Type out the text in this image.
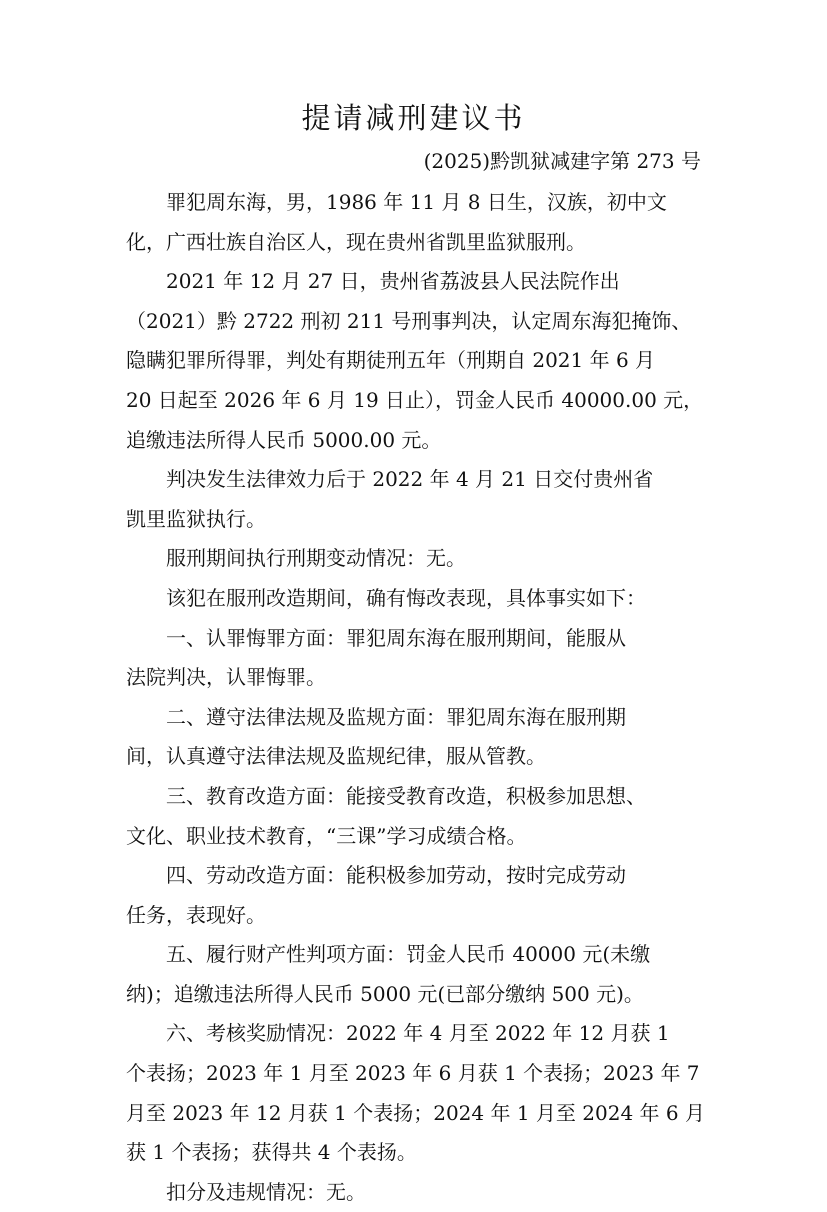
提请减刑建议书
(2025)黔凯狱减建字第 273 号

罪犯周东海，男，1986 年 11 月 8 日生，汉族，初中文
化，广西壮族自治区人，现在贵州省凯里监狱服刑。

2021 年 12 月 27 日，贵州省荔波县人民法院作出
（2021）黔 2722 刑初 211 号刑事判决，认定周东海犯掩饰、
隐瞒犯罪所得罪，判处有期徒刑五年（刑期自 2021 年 6 月
20 日起至 2026 年 6 月 19 日止），罚金人民币 40000.00 元，
追缴违法所得人民币 5000.00 元。

判决发生法律效力后于 2022 年 4 月 21 日交付贵州省
凯里监狱执行。

服刑期间执行刑期变动情况：无。

该犯在服刑改造期间，确有悔改表现，具体事实如下：

一、认罪悔罪方面：罪犯周东海在服刑期间，能服从
法院判决，认罪悔罪。

二、遵守法律法规及监规方面：罪犯周东海在服刑期
间，认真遵守法律法规及监规纪律，服从管教。

三、教育改造方面：能接受教育改造，积极参加思想、
文化、职业技术教育，“三课”学习成绩合格。

四、劳动改造方面：能积极参加劳动，按时完成劳动
任务，表现好。

五、履行财产性判项方面：罚金人民币 40000 元(未缴
纳)；追缴违法所得人民币 5000 元(已部分缴纳 500 元)。

六、考核奖励情况：2022 年 4 月至 2022 年 12 月获 1
个表扬；2023 年 1 月至 2023 年 6 月获 1 个表扬；2023 年 7
月至 2023 年 12 月获 1 个表扬；2024 年 1 月至 2024 年 6 月
获 1 个表扬；获得共 4 个表扬。

扣分及违规情况：无。
